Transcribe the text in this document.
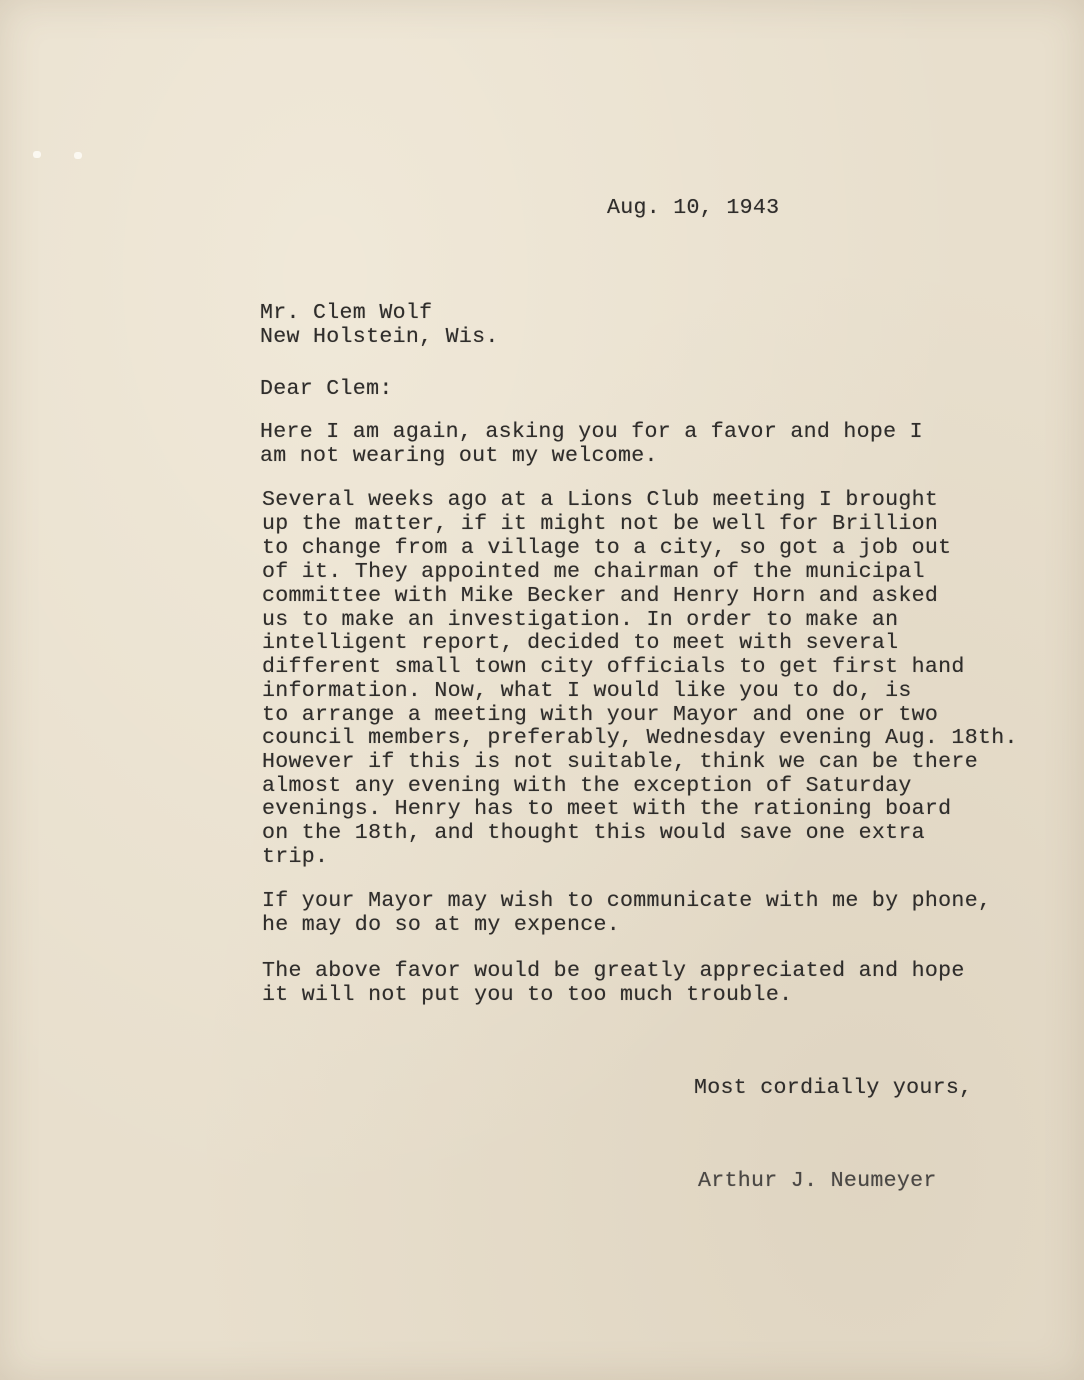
Aug. 10, 1943
Mr. Clem Wolf
New Holstein, Wis.
Dear Clem:
Here I am again, asking you for a favor and hope I
am not wearing out my welcome.
Several weeks ago at a Lions Club meeting I brought
up the matter, if it might not be well for Brillion
to change from a village to a city, so got a job out
of it. They appointed me chairman of the municipal
committee with Mike Becker and Henry Horn and asked
us to make an investigation. In order to make an
intelligent report, decided to meet with several
different small town city officials to get first hand
information. Now, what I would like you to do, is
to arrange a meeting with your Mayor and one or two
council members, preferably, Wednesday evening Aug. 18th.
However if this is not suitable, think we can be there
almost any evening with the exception of Saturday
evenings. Henry has to meet with the rationing board
on the 18th, and thought this would save one extra
trip.
If your Mayor may wish to communicate with me by phone,
he may do so at my expence.
The above favor would be greatly appreciated and hope
it will not put you to too much trouble.
Most cordially yours,
Arthur J. Neumeyer
